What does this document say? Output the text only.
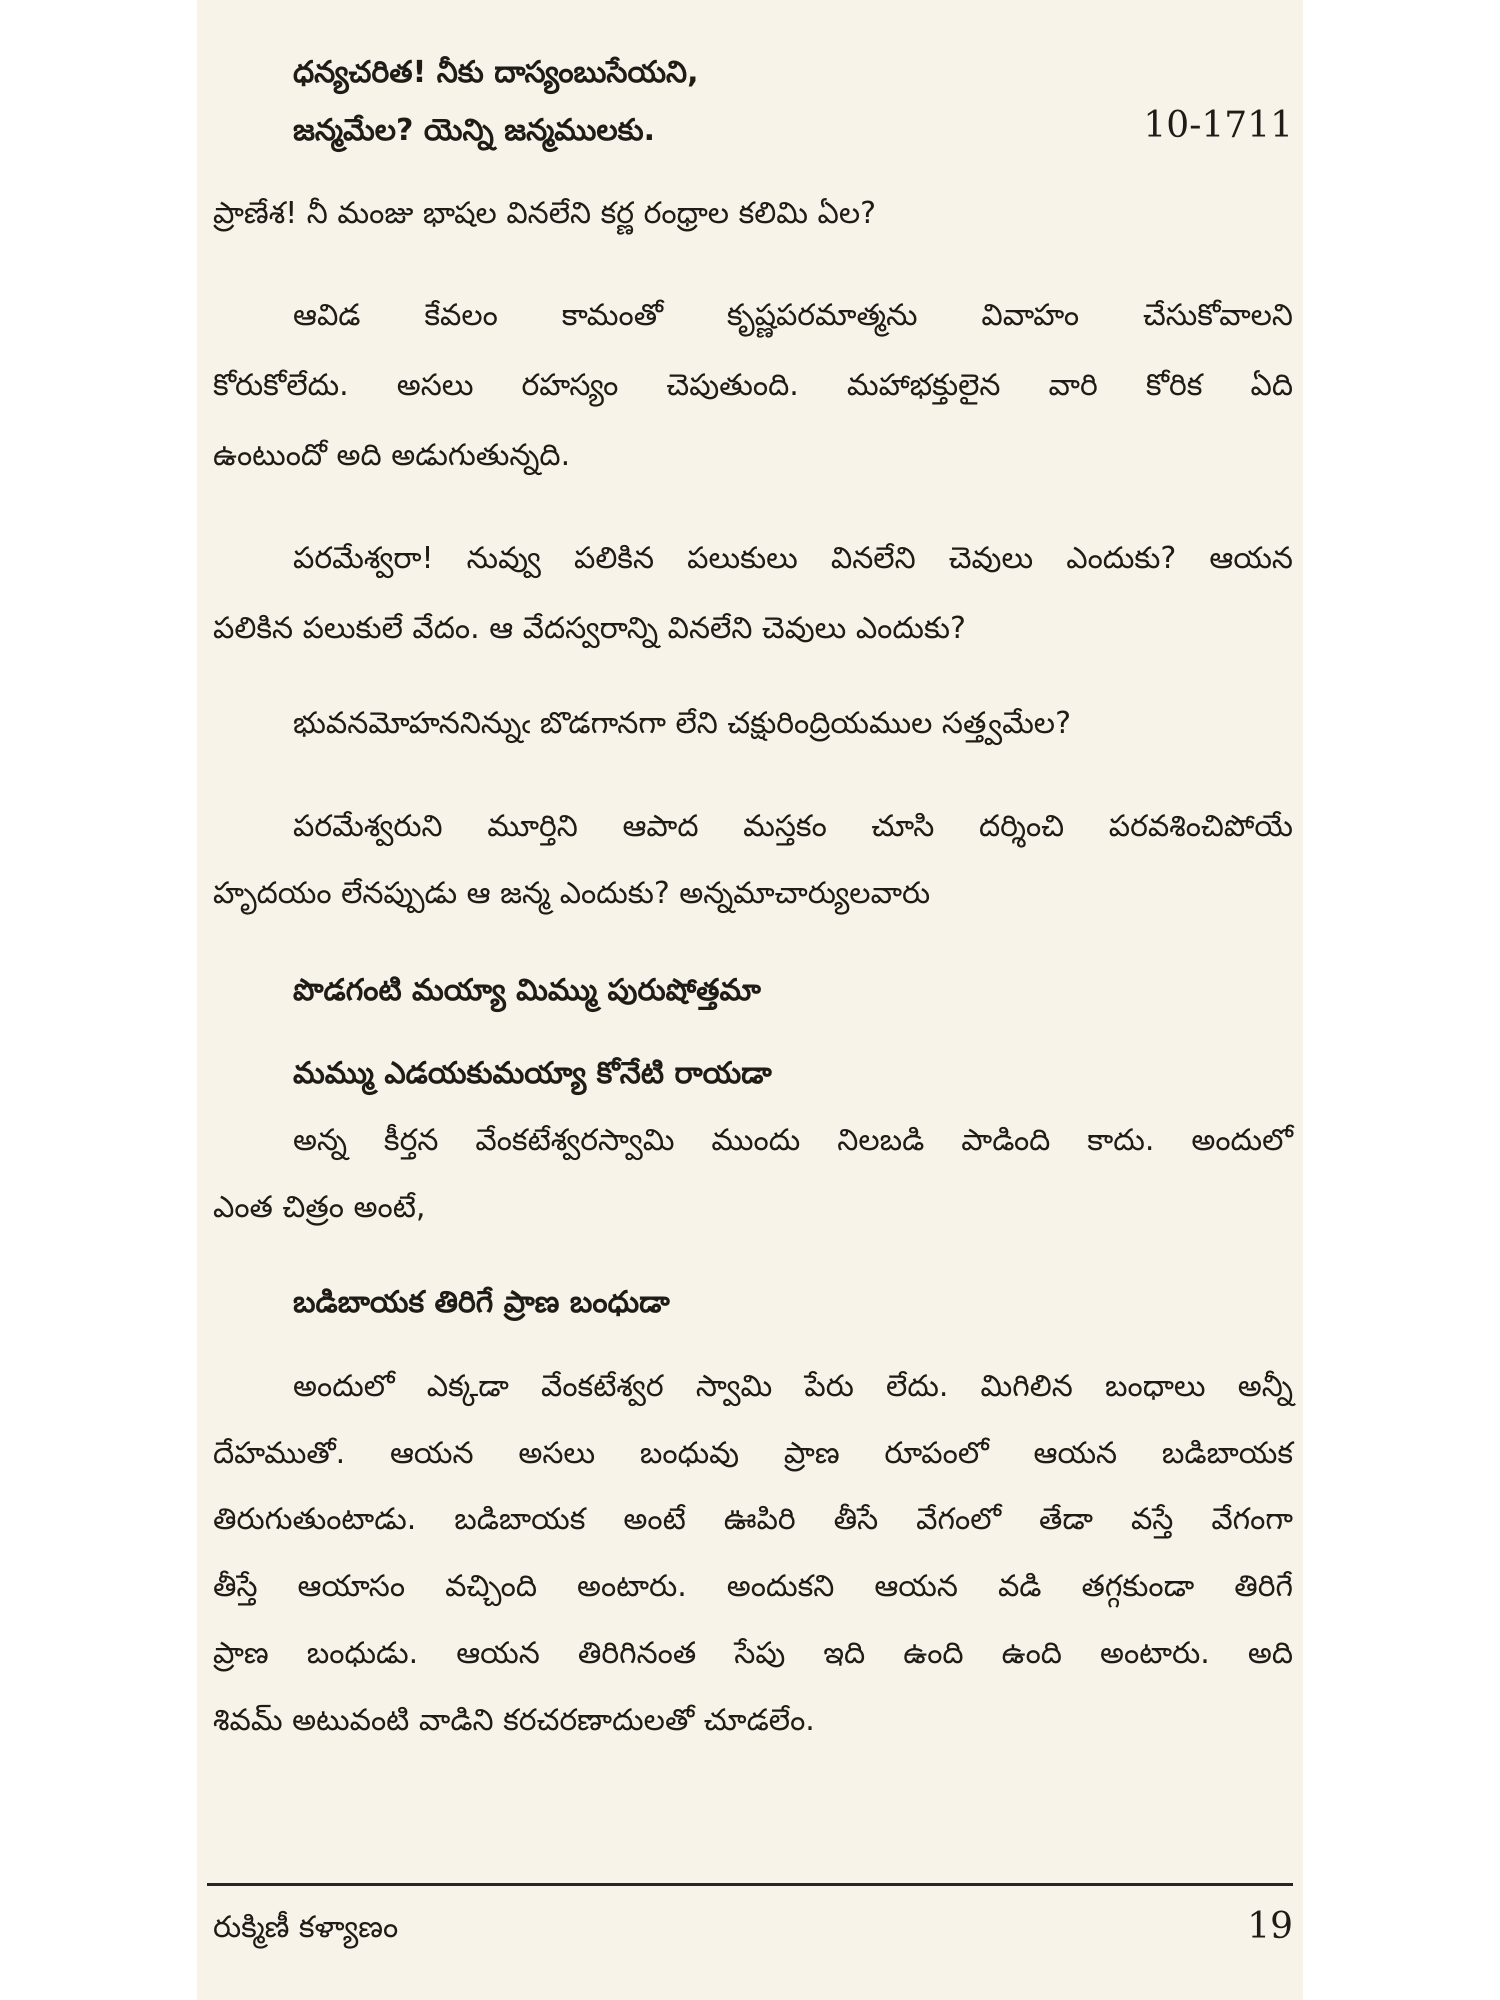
ధన్యచరిత! నీకు దాస్యంబుసేయని,
జన్మమేల? యెన్ని జన్మములకు.
ప్రాణేశ! నీ మంజు భాషల వినలేని కర్ణ రంధ్రాల కలిమి ఏల?
ఆవిడ కేవలం కామంతో కృష్ణపరమాత్మను వివాహం చేసుకోవాలని
కోరుకోలేదు. అసలు రహస్యం చెపుతుంది. మహాభక్తులైన వారి కోరిక ఏది
ఉంటుందో అది అడుగుతున్నది.
పరమేశ్వరా! నువ్వు పలికిన పలుకులు వినలేని చెవులు ఎందుకు? ఆయన
పలికిన పలుకులే వేదం. ఆ వేదస్వరాన్ని వినలేని చెవులు ఎందుకు?
భువనమోహననిన్నుఁ బొడగానగా లేని చక్షురింద్రియముల సత్త్వమేల?
పరమేశ్వరుని మూర్తిని ఆపాద మస్తకం చూసి దర్శించి పరవశించిపోయే
హృదయం లేనప్పుడు ఆ జన్మ ఎందుకు? అన్నమాచార్యులవారు
పొడగంటి మయ్యా మిమ్ము పురుషోత్తమా
మమ్ము ఎడయకుమయ్యా కోనేటి రాయడా
అన్న కీర్తన వేంకటేశ్వరస్వామి ముందు నిలబడి పాడింది కాదు. అందులో
ఎంత చిత్రం అంటే,
బడిబాయక తిరిగే ప్రాణ బంధుడా
అందులో ఎక్కడా వేంకటేశ్వర స్వామి పేరు లేదు. మిగిలిన బంధాలు అన్నీ
దేహముతో. ఆయన అసలు బంధువు ప్రాణ రూపంలో ఆయన బడిబాయక
తిరుగుతుంటాడు. బడిబాయక అంటే ఊపిరి తీసే వేగంలో తేడా వస్తే వేగంగా
తీస్తే ఆయాసం వచ్చింది అంటారు. అందుకని ఆయన వడి తగ్గకుండా తిరిగే
ప్రాణ బంధుడు. ఆయన తిరిగినంత సేపు ఇది ఉంది ఉంది అంటారు. అది
శివమ్ అటువంటి వాడిని కరచరణాదులతో చూడలేం.
10-1711
రుక్మిణీ కళ్యాణం	19
